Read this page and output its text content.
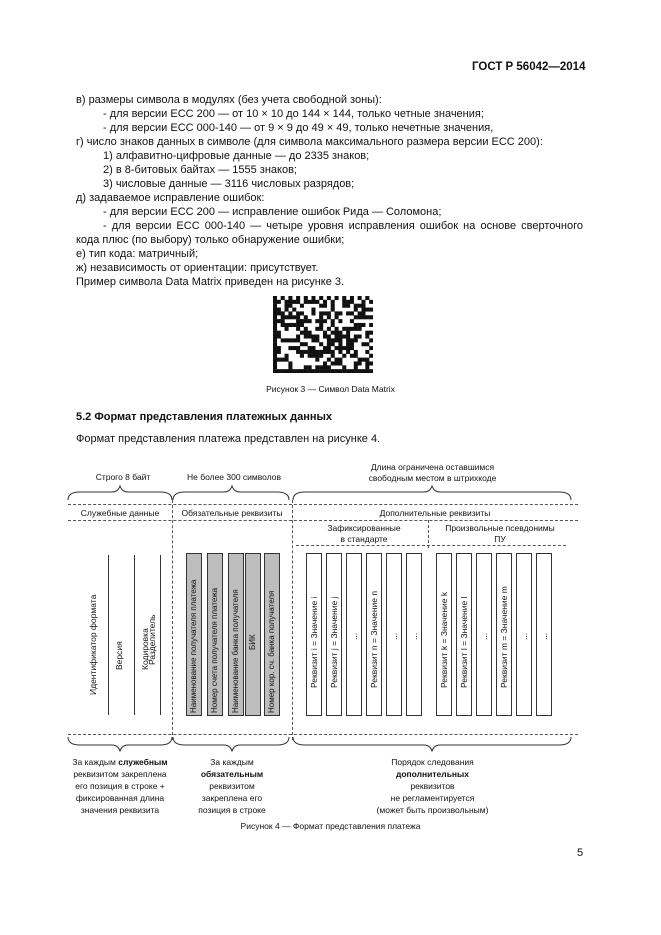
ГОСТ Р 56042—2014
в) размеры символа в модулях (без учета свободной зоны):
- для версии ЕСС 200 — от 10 × 10 до 144 × 144, только четные значения;
- для версии ЕСС 000-140 — от 9 × 9 до 49 × 49, только нечетные значения,
г) число знаков данных в символе (для символа максимального размера версии ЕСС 200):
1) алфавитно-цифровые данные — до 2335 знаков;
2) в 8-битовых байтах — 1555 знаков;
3) числовые данные — 3116 числовых разрядов;
д) задаваемое исправление ошибок:
- для версии ЕСС 200 — исправление ошибок Рида — Соломона;
- для версии ЕСС 000-140 — четыре уровня исправления ошибок на основе сверточного
кода плюс (по выбору) только обнаружение ошибки;
е) тип кода: матричный;
ж) независимость от ориентации: присутствует.
Пример символа Data Matrix приведен на рисунке 3.
Рисунок 3 — Символ Data Matrix
5.2 Формат представления платежных данных
Формат представления платежа представлен на рисунке 4.
Строго 8 байт	Не более 300 символов
Длина ограничена оставшимся
свободным местом в штрихкоде
Служебные данные	Обязательные реквизиты	Дополнительные реквизиты
Зафиксированные
в стандарте
Произвольные псевдонимы
ПУ
Идентификатор формата Версия Кодировка
Разделитель	Наименование получателя платежа Номер счета получателя платежа Наименование банка получателя БИК Номер кор. сч. банка получателя	Реквизит i = Значение i Реквизит j = Значение j ... Реквизит n = Значение n ... ... Реквизит k = Значение k Реквизит l = Значение l ... Реквизит m = Значение m ... ...
За каждым служебным
реквизитом закреплена
его позиция в строке +
фиксированная длина
значения реквизита
За каждым
обязательным
реквизитом
закреплена его
позиция в строке
Порядок следования
дополнительных
реквизитов
не регламентируется
(может быть произвольным)
Рисунок 4 — Формат представления платежа
5
